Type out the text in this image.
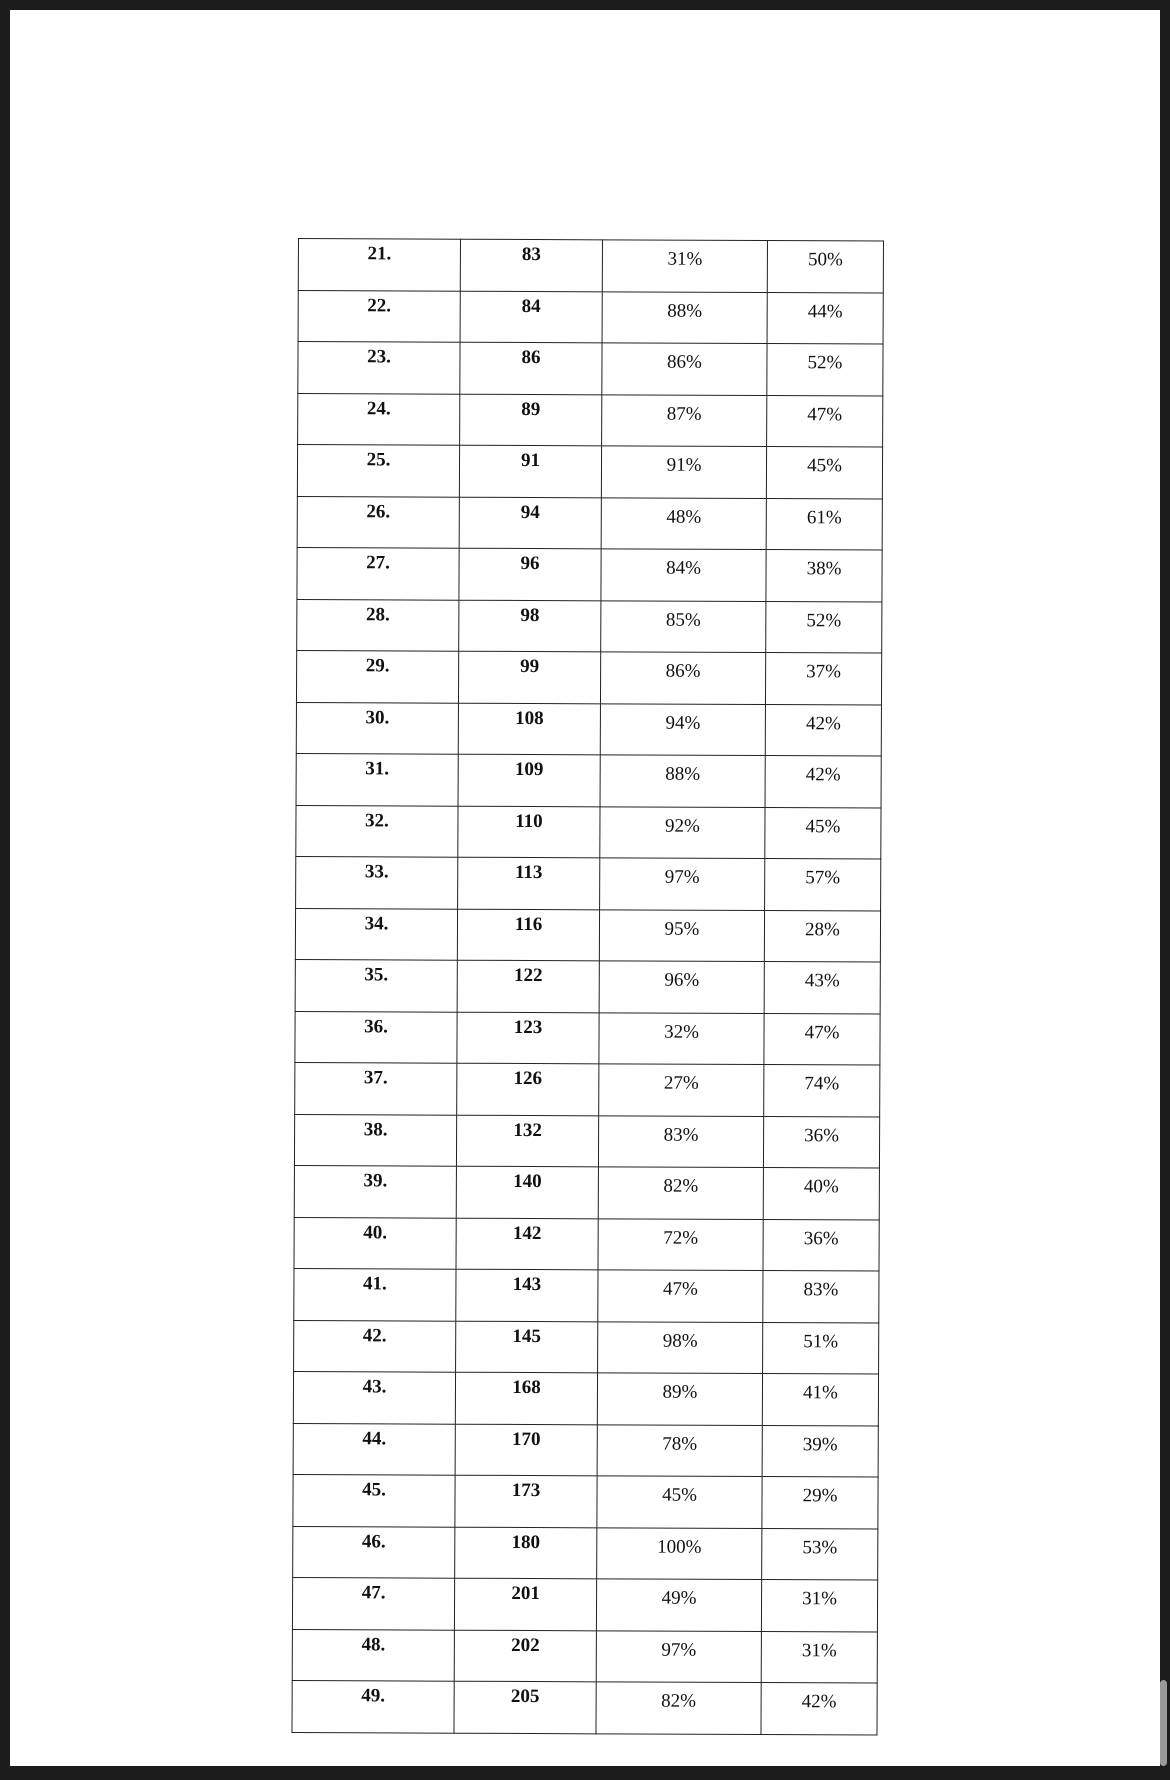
21.	83	31%	50%
22.	84	88%	44%
23.	86	86%	52%
24.	89	87%	47%
25.	91	91%	45%
26.	94	48%	61%
27.	96	84%	38%
28.	98	85%	52%
29.	99	86%	37%
30.	108	94%	42%
31.	109	88%	42%
32.	110	92%	45%
33.	113	97%	57%
34.	116	95%	28%
35.	122	96%	43%
36.	123	32%	47%
37.	126	27%	74%
38.	132	83%	36%
39.	140	82%	40%
40.	142	72%	36%
41.	143	47%	83%
42.	145	98%	51%
43.	168	89%	41%
44.	170	78%	39%
45.	173	45%	29%
46.	180	100%	53%
47.	201	49%	31%
48.	202	97%	31%
49.	205	82%	42%
